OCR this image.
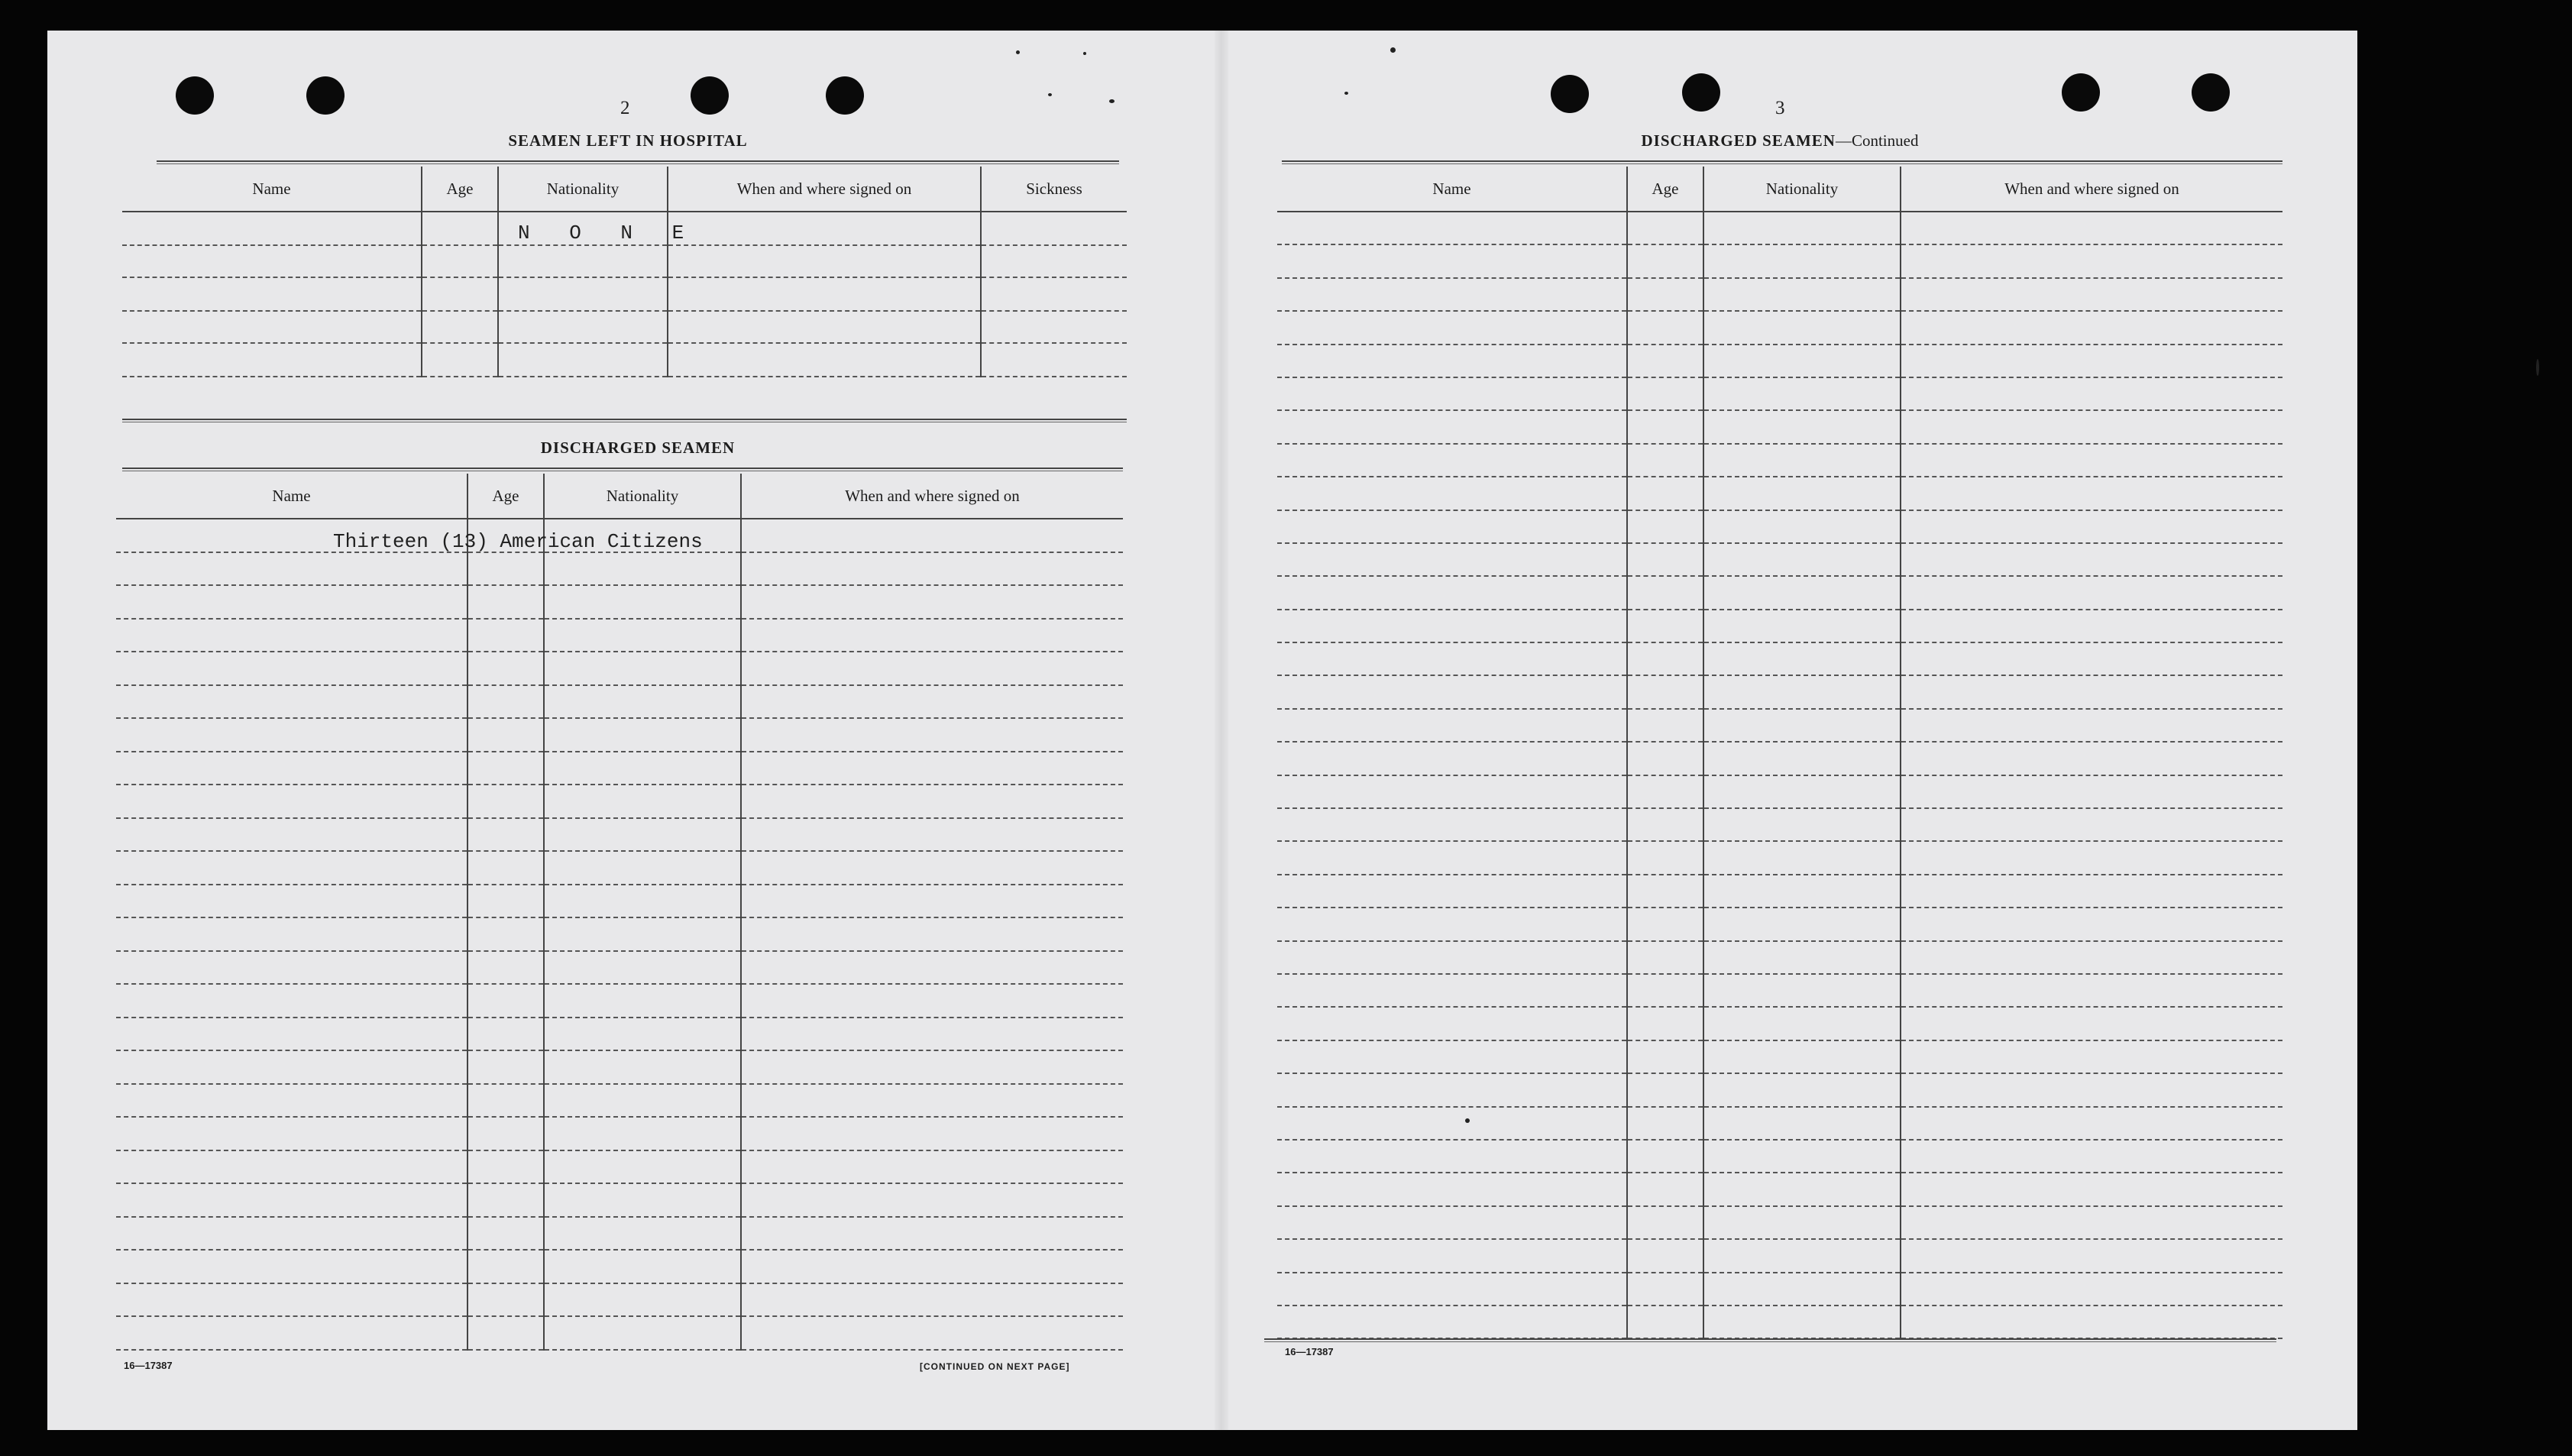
2
SEAMEN LEFT IN HOSPITAL
Name	Age	Nationality	When and where signed on	Sickness

N O N E
DISCHARGED SEAMEN
Name	Age	Nationality	When and where signed on

Thirteen (13) American Citizens
16—17387	[CONTINUED ON NEXT PAGE]
3
DISCHARGED SEAMEN—Continued
Name	Age	Nationality	When and where signed on

16—17387
